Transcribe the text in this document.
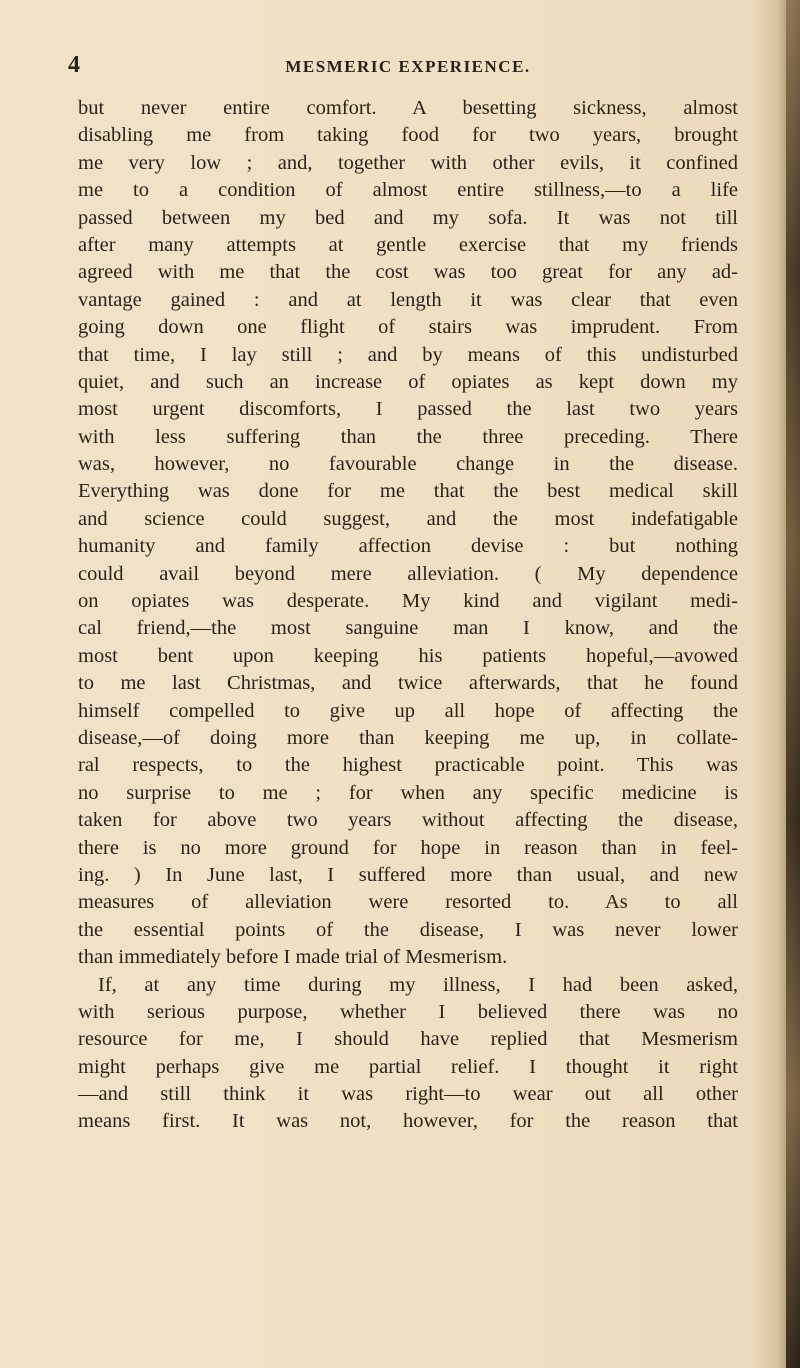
4	MESMERIC EXPERIENCE.
but never entire comfort. A besetting sickness, almost
disabling me from taking food for two years, brought
me very low ; and, together with other evils, it confined
me to a condition of almost entire stillness,—to a life
passed between my bed and my sofa. It was not till
after many attempts at gentle exercise that my friends
agreed with me that the cost was too great for any ad-
vantage gained : and at length it was clear that even
going down one flight of stairs was imprudent. From
that time, I lay still ; and by means of this undisturbed
quiet, and such an increase of opiates as kept down my
most urgent discomforts, I passed the last two years
with less suffering than the three preceding. There
was, however, no favourable change in the disease.
Everything was done for me that the best medical skill
and science could suggest, and the most indefatigable
humanity and family affection devise : but nothing
could avail beyond mere alleviation. ( My dependence
on opiates was desperate. My kind and vigilant medi-
cal friend,—the most sanguine man I know, and the
most bent upon keeping his patients hopeful,—avowed
to me last Christmas, and twice afterwards, that he found
himself compelled to give up all hope of affecting the
disease,—of doing more than keeping me up, in collate-
ral respects, to the highest practicable point. This was
no surprise to me ; for when any specific medicine is
taken for above two years without affecting the disease,
there is no more ground for hope in reason than in feel-
ing. ) In June last, I suffered more than usual, and new
measures of alleviation were resorted to. As to all
the essential points of the disease, I was never lower
than immediately before I made trial of Mesmerism.
If, at any time during my illness, I had been asked,
with serious purpose, whether I believed there was no
resource for me, I should have replied that Mesmerism
might perhaps give me partial relief. I thought it right
—and still think it was right—to wear out all other
means first. It was not, however, for the reason that
